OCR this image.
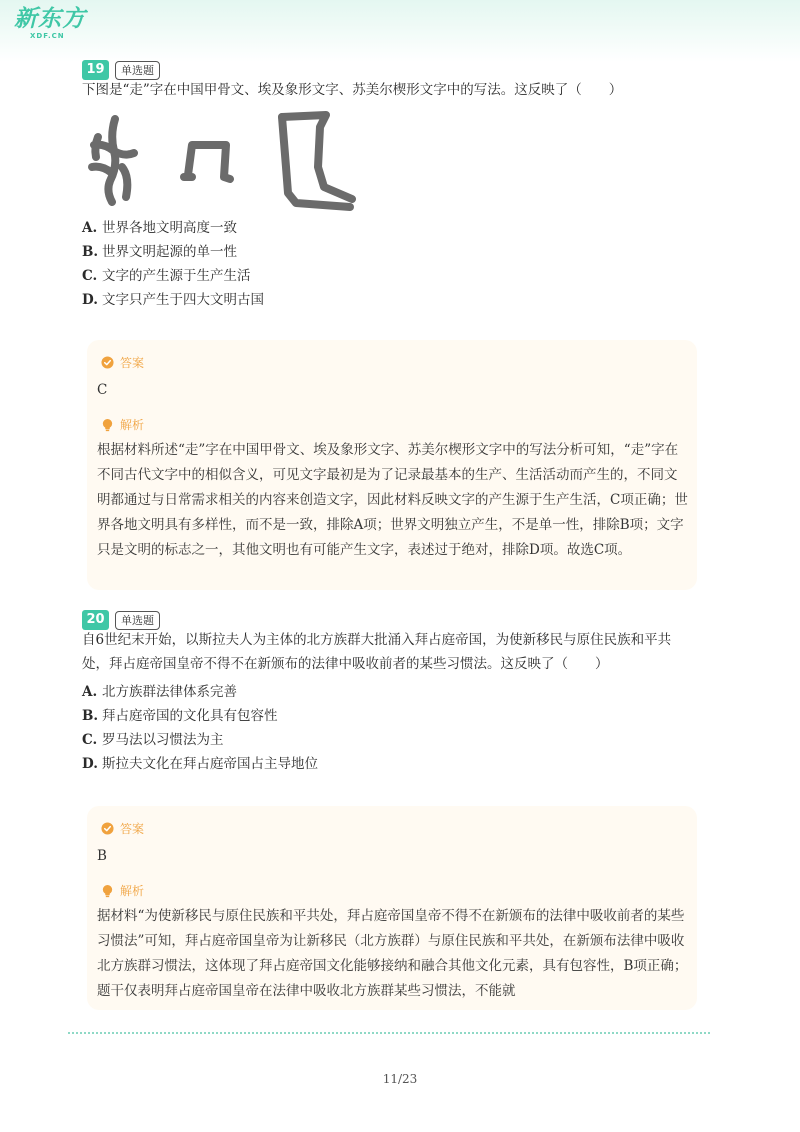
新东方
XDF.CN
19	单选题
下图是“走”字在中国甲骨文、埃及象形文字、苏美尔楔形文字中的写法。这反映了（　　）
A. 世界各地文明高度一致
B. 世界文明起源的单一性
C. 文字的产生源于生产生活
D. 文字只产生于四大文明古国
答案
C
解析
根据材料所述“走”字在中国甲骨文、埃及象形文字、苏美尔楔形文字中的写法分析可知，“走”字在不同古代文字中的相似含义，可见文字最初是为了记录最基本的生产、生活活动而产生的，不同文明都通过与日常需求相关的内容来创造文字，因此材料反映文字的产生源于生产生活，C项正确；世界各地文明具有多样性，而不是一致，排除A项；世界文明独立产生，不是单一性，排除B项；文字只是文明的标志之一，其他文明也有可能产生文字，表述过于绝对，排除D项。故选C项。
20	单选题
自6世纪末开始，以斯拉夫人为主体的北方族群大批涌入拜占庭帝国，为使新移民与原住民族和平共处，拜占庭帝国皇帝不得不在新颁布的法律中吸收前者的某些习惯法。这反映了（　　）
A. 北方族群法律体系完善
B. 拜占庭帝国的文化具有包容性
C. 罗马法以习惯法为主
D. 斯拉夫文化在拜占庭帝国占主导地位
答案
B
解析
据材料“为使新移民与原住民族和平共处，拜占庭帝国皇帝不得不在新颁布的法律中吸收前者的某些习惯法”可知，拜占庭帝国皇帝为让新移民（北方族群）与原住民族和平共处，在新颁布法律中吸收北方族群习惯法，这体现了拜占庭帝国文化能够接纳和融合其他文化元素，具有包容性，B项正确；题干仅表明拜占庭帝国皇帝在法律中吸收北方族群某些习惯法，不能就
11/23
